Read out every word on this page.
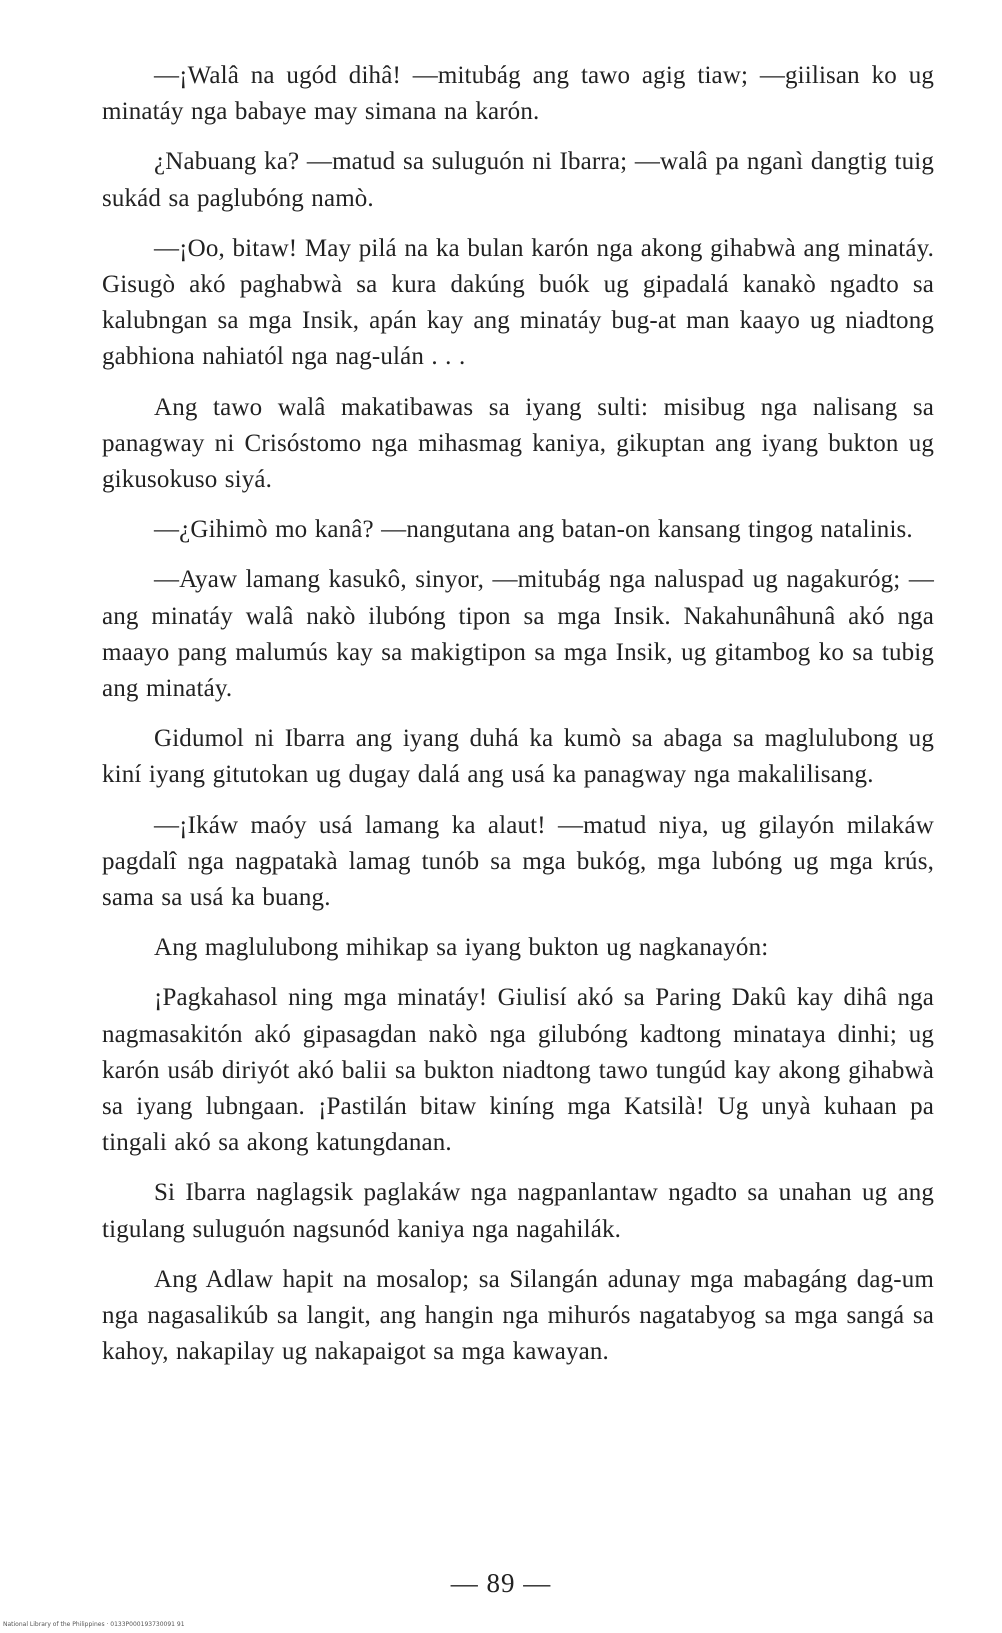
—¡Walâ na ugód dihâ! —mitubág ang tawo agig tiaw; —giilisan ko ug minatáy nga babaye may simana na karón.

¿Nabuang ka? —matud sa suluguón ni Ibarra; —walâ pa nganì dangtig tuig sukád sa paglubóng namò.

—¡Oo, bitaw! May pilá na ka bulan karón nga akong gihabwà ang minatáy. Gisugò akó paghabwà sa kura dakúng buók ug gipadalá kanakò ngadto sa kalubngan sa mga Insik, apán kay ang minatáy bug-at man kaayo ug niadtong gabhiona nahiatól nga nag-ulán . . .

Ang tawo walâ makatibawas sa iyang sulti: misibug nga nalisang sa panagway ni Crisóstomo nga mihasmag kaniya, gikuptan ang iyang bukton ug gikusokuso siyá.

—¿Gihimò mo kanâ? —nangutana ang batan-on kansang tingog natalinis.

—Ayaw lamang kasukô, sinyor, —mitubág nga naluspad ug nagakuróg; —ang minatáy walâ nakò ilubóng tipon sa mga Insik. Nakahunâhunâ akó nga maayo pang malumús kay sa makigtipon sa mga Insik, ug gitambog ko sa tubig ang minatáy.

Gidumol ni Ibarra ang iyang duhá ka kumò sa abaga sa maglulubong ug kiní iyang gitutokan ug dugay dalá ang usá ka panagway nga makalilisang.

—¡Ikáw maóy usá lamang ka alaut! —matud niya, ug gilayón milakáw pagdalî nga nagpatakà lamag tunób sa mga bukóg, mga lubóng ug mga krús, sama sa usá ka buang.

Ang maglulubong mihikap sa iyang bukton ug nagkanayón:

¡Pagkahasol ning mga minatáy! Giulisí akó sa Paring Dakû kay dihâ nga nagmasakitón akó gipasagdan nakò nga gilubóng kadtong minataya dinhi; ug karón usáb diriyót akó balii sa bukton niadtong tawo tungúd kay akong gihabwà sa iyang lubngaan. ¡Pastilán bitaw kiníng mga Katsilà! Ug unyà kuhaan pa tingali akó sa akong katungdanan.

Si Ibarra naglagsik paglakáw nga nagpanlantaw ngadto sa unahan ug ang tigulang suluguón nagsunód kaniya nga nagahilák.

Ang Adlaw hapit na mosalop; sa Silangán adunay mga mabagáng dag-um nga nagasalikúb sa langit, ang hangin nga mihurós nagatabyog sa mga sangá sa kahoy, nakapilay ug nakapaigot sa mga kawayan.

— 89 —
National Library of the Philippines · 0133P000193730091 91
